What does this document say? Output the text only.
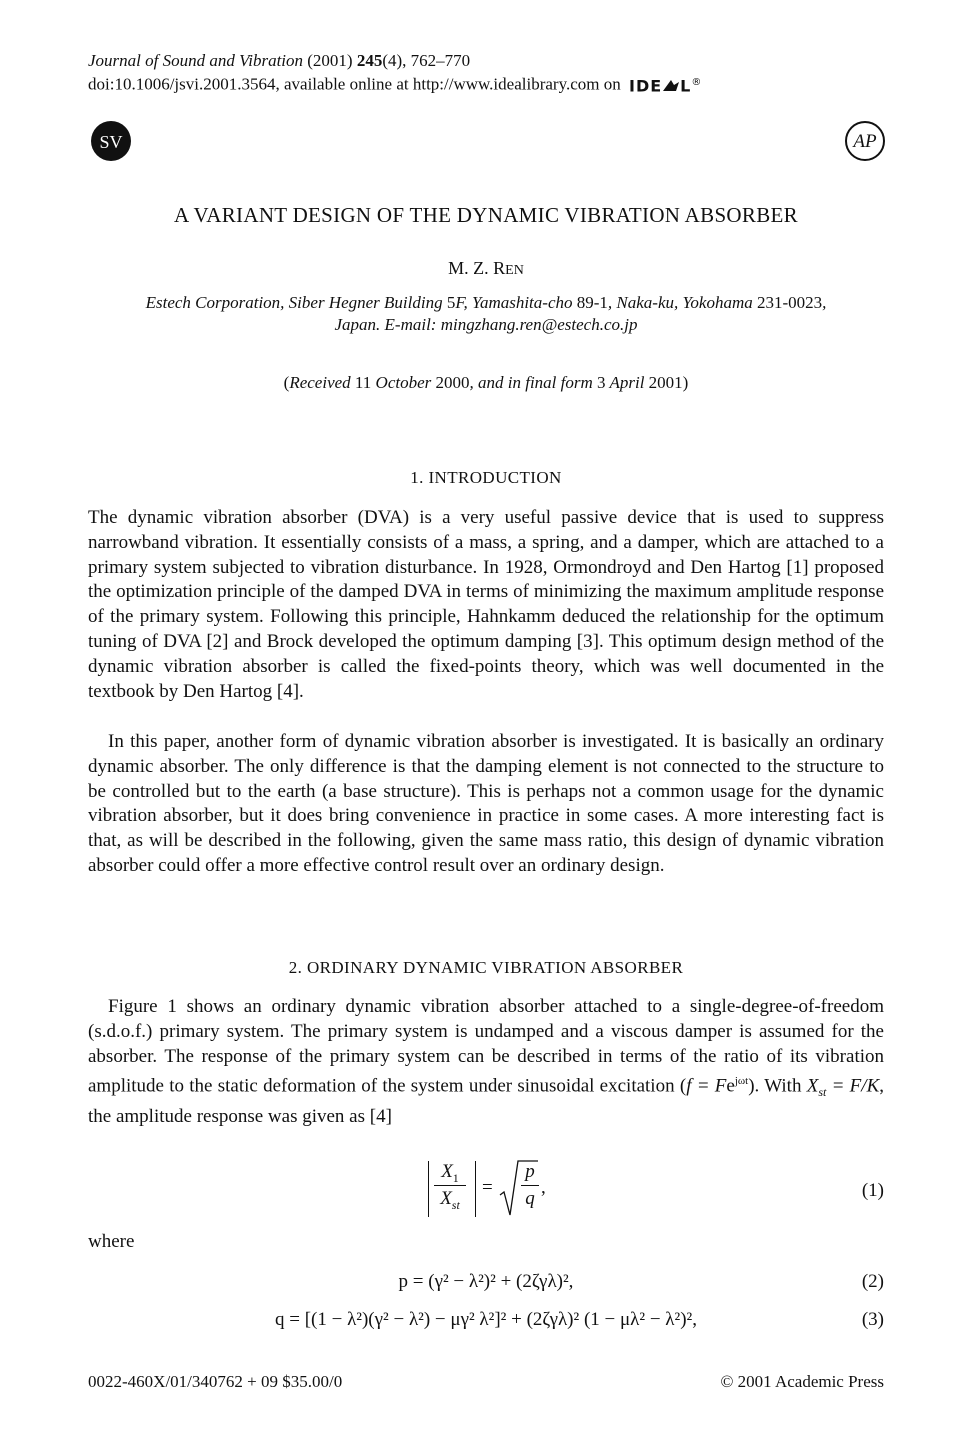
Journal of Sound and Vibration (2001) 245(4), 762–770
doi:10.1006/jsvi.2001.3564, available online at http://www.idealibrary.com on IDE L®
SV	AP
A VARIANT DESIGN OF THE DYNAMIC VIBRATION ABSORBER
M. Z. REN
Estech Corporation, Siber Hegner Building 5F, Yamashita-cho 89-1, Naka-ku, Yokohama 231-0023,
Japan. E-mail: mingzhang.ren@estech.co.jp
(Received 11 October 2000, and in final form 3 April 2001)
1. INTRODUCTION

The dynamic vibration absorber (DVA) is a very useful passive device that is used to suppress narrowband vibration. It essentially consists of a mass, a spring, and a damper, which are attached to a primary system subjected to vibration disturbance. In 1928, Ormondroyd and Den Hartog [1] proposed the optimization principle of the damped DVA in terms of minimizing the maximum amplitude response of the primary system. Following this principle, Hahnkamm deduced the relationship for the optimum tuning of DVA [2] and Brock developed the optimum damping [3]. This optimum design method of the dynamic vibration absorber is called the fixed-points theory, which was well documented in the textbook by Den Hartog [4].

In this paper, another form of dynamic vibration absorber is investigated. It is basically an ordinary dynamic absorber. The only difference is that the damping element is not connected to the structure to be controlled but to the earth (a base structure). This is perhaps not a common usage for the dynamic vibration absorber, but it does bring convenience in practice in some cases. A more interesting fact is that, as will be described in the following, given the same mass ratio, this design of dynamic vibration absorber could offer a more effective control result over an ordinary design.

2. ORDINARY DYNAMIC VIBRATION ABSORBER

Figure 1 shows an ordinary dynamic vibration absorber attached to a single-degree-of-freedom (s.d.o.f.) primary system. The primary system is undamped and a viscous damper is assumed for the absorber. The response of the primary system can be described in terms of the ratio of its vibration amplitude to the static deformation of the system under sinusoidal excitation $(f = Fe^{j\omega t})$. With $X_{st} = F/K$, the amplitude response was given as [4]

$X_1$
$X_{st}$
= $\frac{p}{q}$ ,	(1)
where
p = (γ² − λ²)² + (2ζγλ)²,	(2)
q = [(1 − λ²)(γ² − λ²) − μγ² λ²]² + (2ζγλ)² (1 − μλ² − λ²)²,	(3)
0022-460X/01/340762 + 09 $35.00/0	© 2001 Academic Press
